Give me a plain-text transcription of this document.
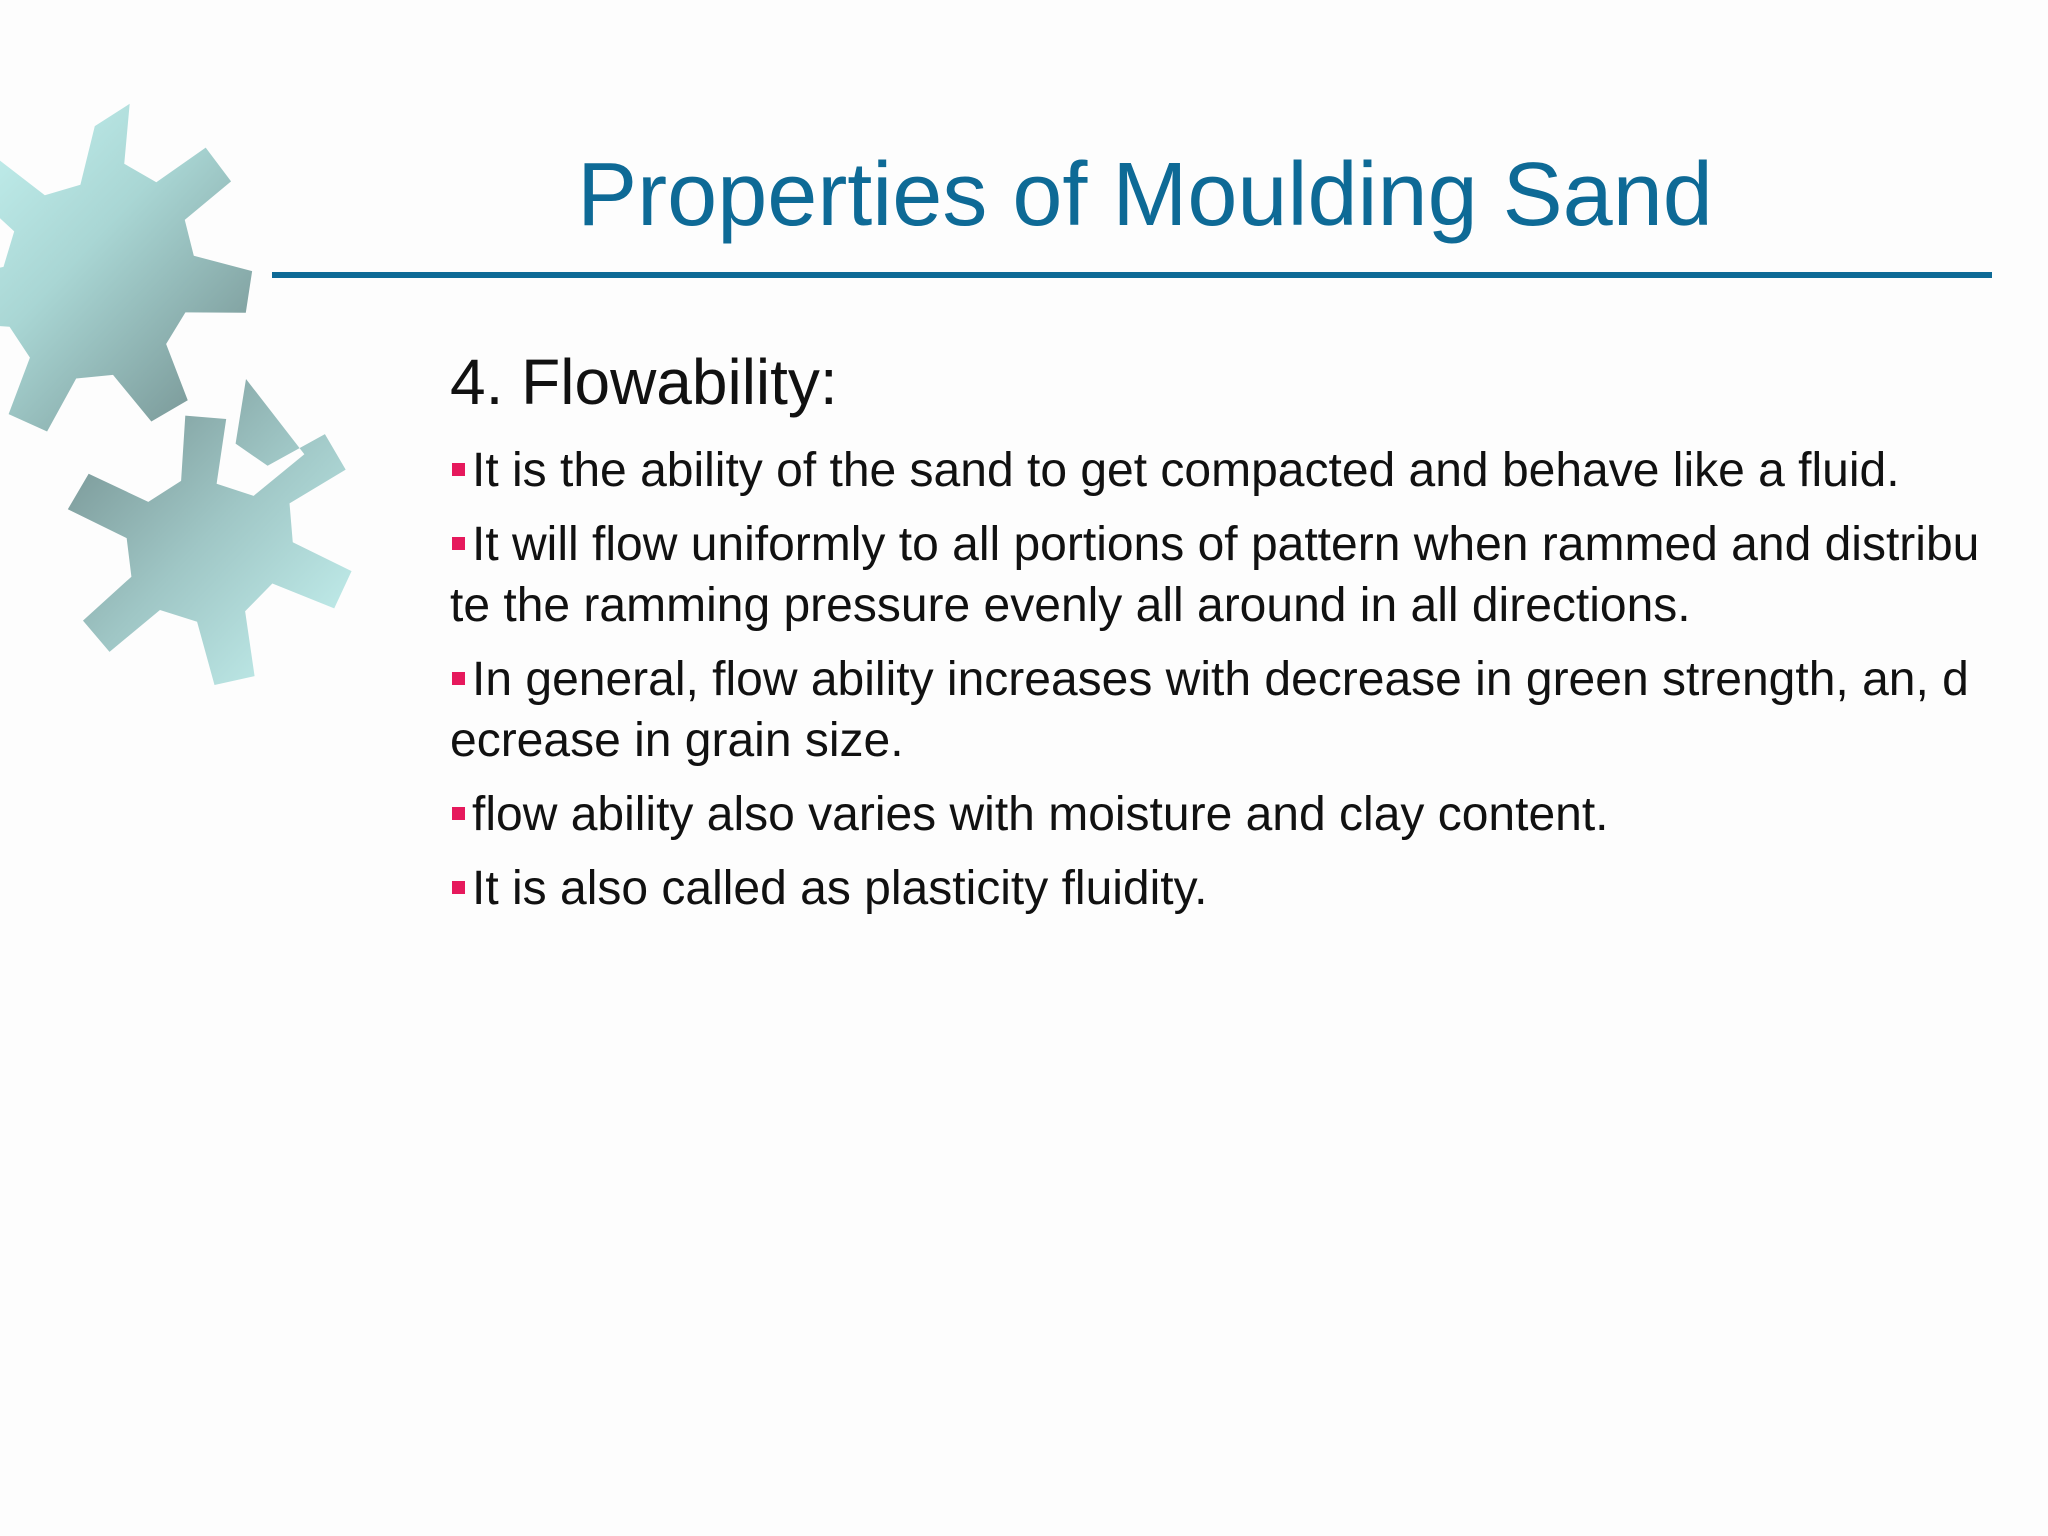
Properties of Moulding Sand
4. Flowability:
It is the ability of the sand to get compacted and behave like a fluid.
It will flow uniformly to all portions of pattern when rammed and distribute the ramming pressure evenly all around in all directions.
In general, flow ability increases with decrease in green strength, an, decrease in grain size.
flow ability also varies with moisture and clay content.
It is also called as plasticity fluidity.
